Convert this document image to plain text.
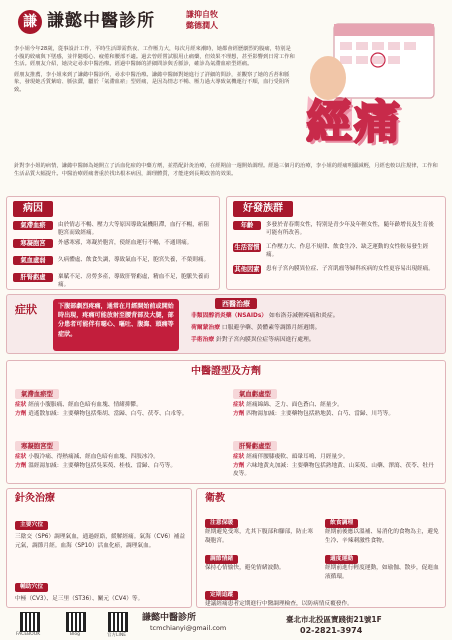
謙 謙懿中醫診所	謙抑自牧 懿德潤人

李小姐今年28歲，從事設計工作，平時生活即需熬夜、工作壓力大，每次月經來潮時，她都會經歷劇烈的腹痛，特別是小腹的絞痛與下墜感，並伴隨噁心、疲倦和腰部不適。過去曾經嘗試服用止痛藥，但效果不理想，甚至影響到日常工作和生活。經朋友介紹，她決定尋求中醫治療。經過中醫師的詳細問診與舌脈診，確診為氣滯血瘀型經痛。

經朋友推薦，李小姐來到了謙懿中醫診所，尋求中醫治療。謙懿中醫師對她進行了詳細的問診，並觀察了她的舌苔和脈象，發現她舌質紫暗、脈弦澀，屬於「氣滯血瘀」型經痛，是因為情志不暢、壓力過大導致氣機運行不順，血行受阻所致。

經痛
針對李小姐的病情，謙懿中醫師為她開立了活血化瘀的中藥方劑，並搭配針灸治療，在經期前一週開始調理。經過三個月的治療，李小姐的經痛明顯減輕，月經也較以往規律，工作和生活品質大幅提升。中醫治療經痛著重於找出根本病因，調理體質，才能達到長期改善的效果。
病因
氣滯血瘀	由於情志不暢、壓力大等原因導致氣機阻滯，血行不暢，瘀阻胞宮而致經痛。
寒凝胞宮	外感寒邪，寒凝於胞宮，使經血運行不暢，不通則痛。
氣血虛弱	久病體虛、飲食失調，導致氣血不足，胞宮失養，不榮則痛。
肝腎虧虛	稟賦不足、房勞多產，導致肝腎虧虛，精血不足，胞脈失養而痛。
好發族群
年齡	多發於青春期女性，特別是青少年及年輕女性，隨年齡增長及生育後可能有所改善。
生活習慣 工作壓力大、作息不規律、飲食生冷、缺乏運動的女性較易發生經痛。
其他因素 患有子宮內膜異位症、子宮肌瘤等婦科疾病的女性更容易出現經痛。
症狀	下腹部劇烈疼痛，通常在月經開始前或開始時出現，疼痛可能放射至腰背部及大腿，部分患者可能伴有噁心、嘔吐、腹瀉、頭痛等症狀。
西醫治療
非類固醇消炎藥（NSAIDs） 如布洛芬減輕疼痛和炎症。
荷爾蒙治療 口服避孕藥、黃體素等調節月經週期。
手術治療 針對子宮內膜異位症等病因進行處理。
中醫證型及方劑
氣滯血瘀型
症狀 經前小腹脹痛、經血色暗有血塊、情緒抑鬱。
方劑 逍遙散加減：主要藥物包括柴胡、當歸、白芍、茯苓、白朮等。
氣血虧虛型
症狀 經痛綿綿、乏力、面色蒼白、經量少。
方劑 四物湯加減：主要藥物包括熟地黃、白芍、當歸、川芎等。
寒凝胞宮型
症狀 小腹冷痛、得熱痛減、經血色暗有血塊、四肢冰冷。
方劑 溫經湯加減：主要藥物包括吳茱萸、桂枝、當歸、白芍等。
肝腎虧虛型
症狀 經痛伴腰膝痠軟、頭暈耳鳴、月經量少。
方劑 六味地黃丸加減：主要藥物包括熟地黃、山茱萸、山藥、澤瀉、茯苓、牡丹皮等。
針灸治療
主要穴位
三陰交（SP6）調理氣血，通過經絡，緩解經痛。氣海（CV6）補益元氣，調節月經。血海（SP10）活血化瘀，調理氣血。
輔助穴位
中極（CV3）、足三里（ST36）、關元（CV4）等。
衛教
注意保暖
經期避免受寒，尤其下腹部和腳部，防止寒凝胞宮。
飲食調理
經期前後應以溫補、易消化的食物為主，避免生冷、辛辣刺激性食物。
調節情緒
保持心情愉快，避免情緒波動。
適度運動
經期前進行輕度運動，如瑜伽、散步，促進血液循環。
定期追蹤
建議經痛患者定期進行中醫調理檢查，以防病情反覆發作。
FACEBOOK	Blog	官方LINE
謙懿中醫診所
tcmchianyi@gmail.com
臺北市北投區寶踐街21號1F
02-2821-3974
